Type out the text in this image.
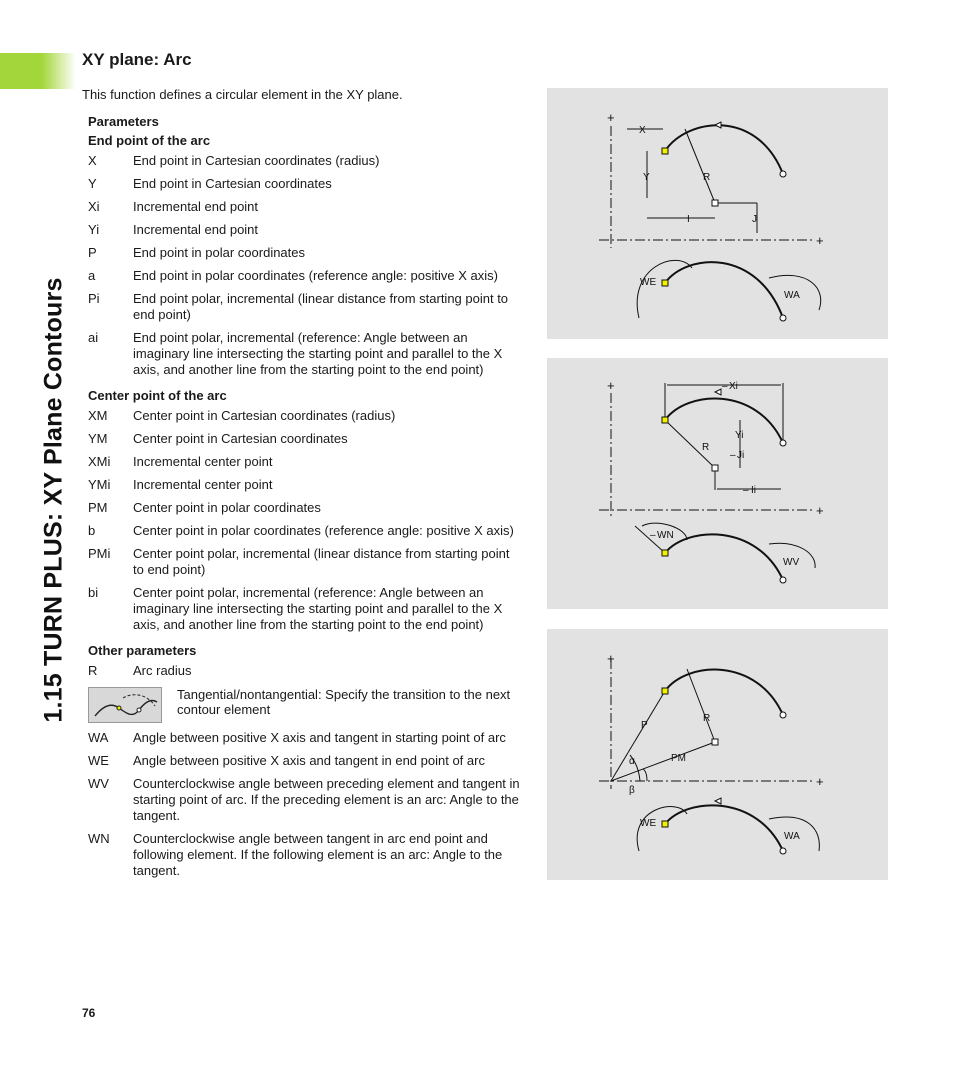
1.15 TURN PLUS: XY Plane Contours
XY plane: Arc

This function defines a circular element in the XY plane.

Parameters
End point of the arc
X	End point in Cartesian coordinates (radius)
Y	End point in Cartesian coordinates
Xi	Incremental end point
Yi	Incremental end point
P	End point in polar coordinates
a	End point in polar coordinates (reference angle: positive X axis)
Pi	End point polar, incremental (linear distance from starting point to end point)
ai	End point polar, incremental (reference: Angle between an imaginary line intersecting the starting point and parallel to the X axis, and another line from the starting point to the end point)
Center point of the arc
XM	Center point in Cartesian coordinates (radius)
YM	Center point in Cartesian coordinates
XMi	Incremental center point
YMi	Incremental center point
PM	Center point in polar coordinates
b	Center point in polar coordinates (reference angle: positive X axis)
PMi	Center point polar, incremental (linear distance from starting point to end point)
bi	Center point polar, incremental (reference: Angle between an imaginary line intersecting the starting point and parallel to the X axis, and another line from the starting point to the end point)
Other parameters
R	Arc radius
Tangential/nontangential: Specify the transition to the next contour element
WA	Angle between positive X axis and tangent in starting point of arc
WE	Angle between positive X axis and tangent in end point of arc
WV	Counterclockwise angle between preceding element and tangent in starting point of arc. If the preceding element is an arc: Angle to the tangent.
WN	Counterclockwise angle between tangent in arc end point and following element. If the following element is an arc: Angle to the tangent.
76
+
+
X
Y	R
I	J
WE
WA
+
+
– Xi
Yi
R
– Ji
– Ii
– WN
WV
+
+
P
R
PM
α
β
WE
WA
